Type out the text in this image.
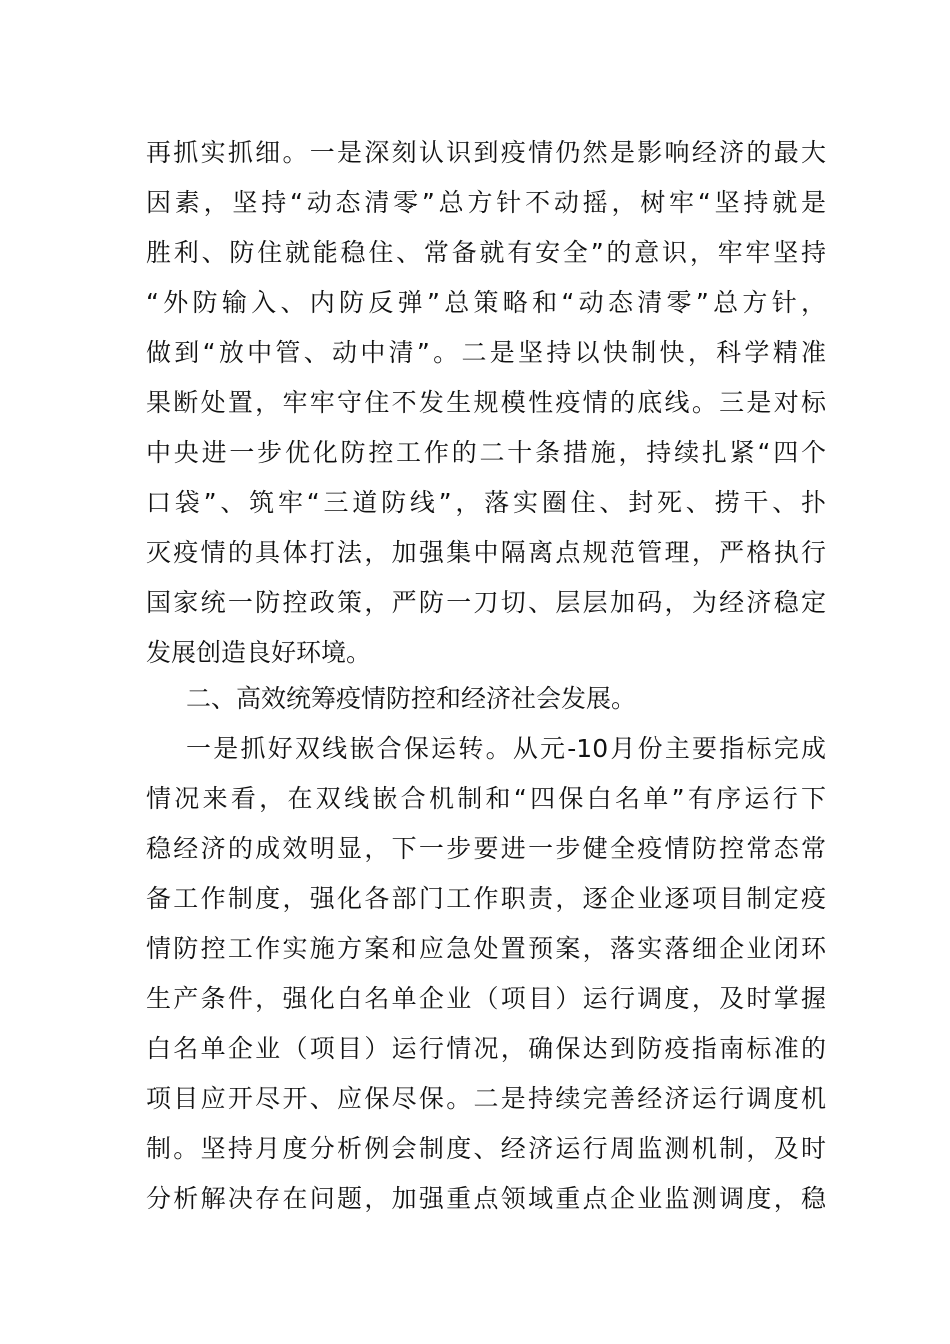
再抓实抓细。一是深刻认识到疫情仍然是影响经济的最大
因素，坚持“动态清零”总方针不动摇，树牢“坚持就是
胜利、防住就能稳住、常备就有安全”的意识，牢牢坚持
“外防输入、内防反弹”总策略和“动态清零”总方针，
做到“放中管、动中清”。二是坚持以快制快，科学精准
果断处置，牢牢守住不发生规模性疫情的底线。三是对标
中央进一步优化防控工作的二十条措施，持续扎紧“四个
口袋”、筑牢“三道防线”，落实圈住、封死、捞干、扑
灭疫情的具体打法，加强集中隔离点规范管理，严格执行
国家统一防控政策，严防一刀切、层层加码，为经济稳定
发展创造良好环境。
二、高效统筹疫情防控和经济社会发展。
一是抓好双线嵌合保运转。从元-10月份主要指标完成
情况来看，在双线嵌合机制和“四保白名单”有序运行下
稳经济的成效明显，下一步要进一步健全疫情防控常态常
备工作制度，强化各部门工作职责，逐企业逐项目制定疫
情防控工作实施方案和应急处置预案，落实落细企业闭环
生产条件，强化白名单企业（项目）运行调度，及时掌握
白名单企业（项目）运行情况，确保达到防疫指南标准的
项目应开尽开、应保尽保。二是持续完善经济运行调度机
制。坚持月度分析例会制度、经济运行周监测机制，及时
分析解决存在问题，加强重点领域重点企业监测调度，稳
